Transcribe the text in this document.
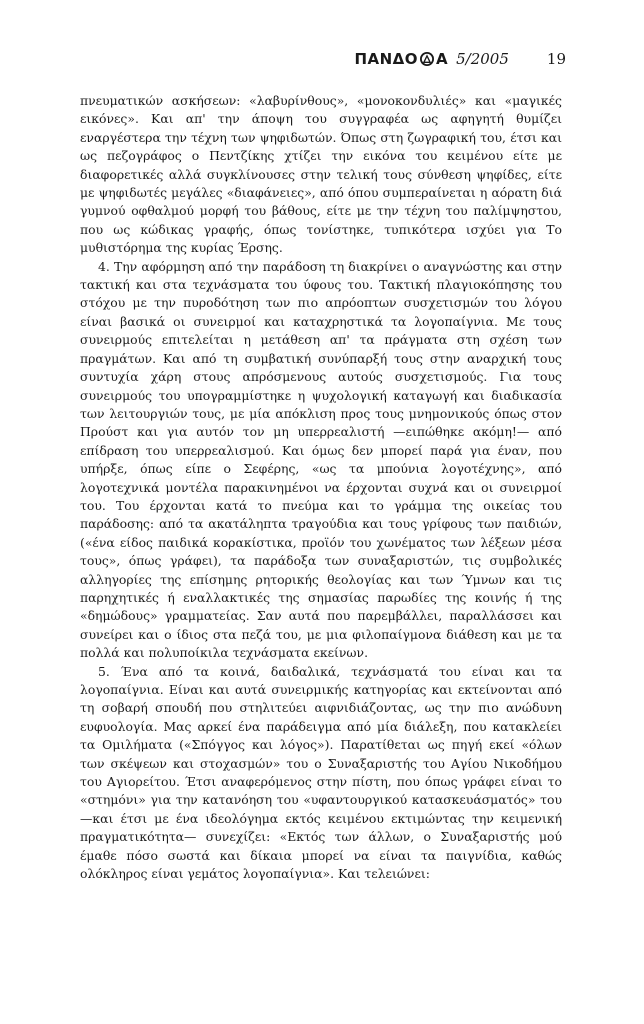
ΠΑΝΔΟ Α 5/2005	19

πνευματικών ασκήσεων: «λαβυρίνθους», «μονοκονδυλιές» και «μαγικές εικόνες». Και απ' την άποψη του συγγραφέα ως αφηγητή θυμίζει εναργέστερα την τέχνη των ψηφιδωτών. Όπως στη ζωγραφική του, έτσι και ως πεζογράφος ο Πεντζίκης χτίζει την εικόνα του κειμένου είτε με διαφορετικές αλλά συγκλίνουσες στην τελική τους σύνθεση ψηφίδες, είτε με ψηφιδωτές μεγάλες «διαφάνειες», από όπου συμπεραίνεται η αόρατη διά γυμνού οφθαλμού μορφή του βάθους, είτε με την τέχνη του παλίμψηστου, που ως κώδικας γραφής, όπως τονίστηκε, τυπικότερα ισχύει για Το μυθιστόρημα της κυρίας Έρσης.

4. Την αφόρμηση από την παράδοση τη διακρίνει ο αναγνώστης και στην τακτική και στα τεχνάσματα του ύφους του. Τακτική πλαγιοκόπησης του στόχου με την πυροδότηση των πιο απρόοπτων συσχετισμών του λόγου είναι βασικά οι συνειρμοί και καταχρηστικά τα λογοπαίγνια. Με τους συνειρμούς επιτελείται η μετάθεση απ' τα πράγματα στη σχέση των πραγμάτων. Και από τη συμβατική συνύπαρξή τους στην αναρχική τους συντυχία χάρη στους απρόσμενους αυτούς συσχετισμούς. Για τους συνειρμούς του υπογραμμίστηκε η ψυχολογική καταγωγή και διαδικασία των λειτουργιών τους, με μία απόκλιση προς τους μνημονικούς όπως στον Προύστ και για αυτόν τον μη υπερρεαλιστή —ειπώθηκε ακόμη!— από επίδραση του υπερρεαλισμού. Και όμως δεν μπορεί παρά για έναν, που υπήρξε, όπως είπε ο Σεφέρης, «ως τα μπούνια λογοτέχνης», από λογοτεχνικά μοντέλα παρακινημένοι να έρχονται συχνά και οι συνειρμοί του. Του έρχονται κατά το πνεύμα και το γράμμα της οικείας του παράδοσης: από τα ακατάληπτα τραγούδια και τους γρίφους των παιδιών, («ένα είδος παιδικά κορακίστικα, προϊόν του χωνέματος των λέξεων μέσα τους», όπως γράφει), τα παράδοξα των συναξαριστών, τις συμβολικές αλληγορίες της επίσημης ρητορικής θεολογίας και των Ύμνων και τις παρηχητικές ή εναλλακτικές της σημασίας παρωδίες της κοινής ή της «δημώδους» γραμματείας. Σαν αυτά που παρεμβάλλει, παραλλάσσει και συνείρει και ο ίδιος στα πεζά του, με μια φιλοπαίγμονα διάθεση και με τα πολλά και πολυποίκιλα τεχνάσματα εκείνων.

5. Ένα από τα κοινά, δαιδαλικά, τεχνάσματά του είναι και τα λογοπαίγνια. Είναι και αυτά συνειρμικής κατηγορίας και εκτείνονται από τη σοβαρή σπουδή που στηλιτεύει αιφνιδιάζοντας, ως την πιο ανώδυνη ευφυολογία. Μας αρκεί ένα παράδειγμα από μία διάλεξη, που κατακλείει τα Ομιλήματα («Σπόγγος και λόγος»). Παρατίθεται ως πηγή εκεί «όλων των σκέψεων και στοχασμών» του ο Συναξαριστής του Αγίου Νικοδήμου του Αγιορείτου. Έτσι αναφερόμενος στην πίστη, που όπως γράφει είναι το «στημόνι» για την κατανόηση του «υφαντουργικού κατασκευάσματός» του —και έτσι με ένα ιδεολόγημα εκτός κειμένου εκτιμώντας την κειμενική πραγματικότητα— συνεχίζει: «Εκτός των άλλων, ο Συναξαριστής μού έμαθε πόσο σωστά και δίκαια μπορεί να είναι τα παιγνίδια, καθώς ολόκληρος είναι γεμάτος λογοπαίγνια». Και τελειώνει:
